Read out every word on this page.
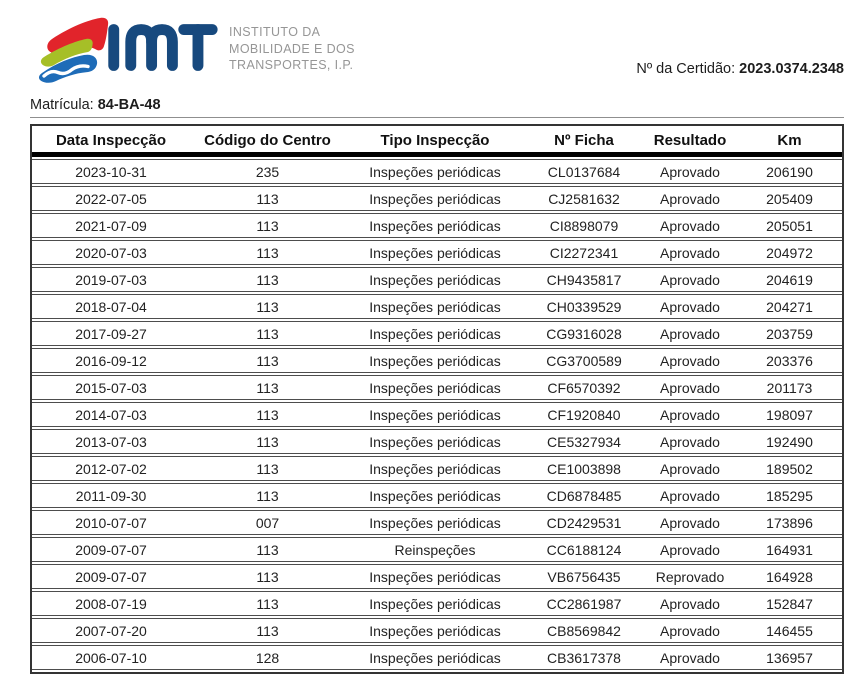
INSTITUTO DA
MOBILIDADE E DOS
TRANSPORTES, I.P.	Nº da Certidão: 2023.0374.2348
Matrícula: 84-BA-48
Data Inspecção	Código do Centro	Tipo Inspecção	Nº Ficha	Resultado	Km
2023-10-31	235	Inspeções periódicas	CL0137684	Aprovado	206190
2022-07-05	113	Inspeções periódicas	CJ2581632	Aprovado	205409
2021-07-09	113	Inspeções periódicas	CI8898079	Aprovado	205051
2020-07-03	113	Inspeções periódicas	CI2272341	Aprovado	204972
2019-07-03	113	Inspeções periódicas	CH9435817	Aprovado	204619
2018-07-04	113	Inspeções periódicas	CH0339529	Aprovado	204271
2017-09-27	113	Inspeções periódicas	CG9316028	Aprovado	203759
2016-09-12	113	Inspeções periódicas	CG3700589	Aprovado	203376
2015-07-03	113	Inspeções periódicas	CF6570392	Aprovado	201173
2014-07-03	113	Inspeções periódicas	CF1920840	Aprovado	198097
2013-07-03	113	Inspeções periódicas	CE5327934	Aprovado	192490
2012-07-02	113	Inspeções periódicas	CE1003898	Aprovado	189502
2011-09-30	113	Inspeções periódicas	CD6878485	Aprovado	185295
2010-07-07	007	Inspeções periódicas	CD2429531	Aprovado	173896
2009-07-07	113	Reinspeções	CC6188124	Aprovado	164931
2009-07-07	113	Inspeções periódicas	VB6756435	Reprovado	164928
2008-07-19	113	Inspeções periódicas	CC2861987	Aprovado	152847
2007-07-20	113	Inspeções periódicas	CB8569842	Aprovado	146455
2006-07-10	128	Inspeções periódicas	CB3617378	Aprovado	136957
